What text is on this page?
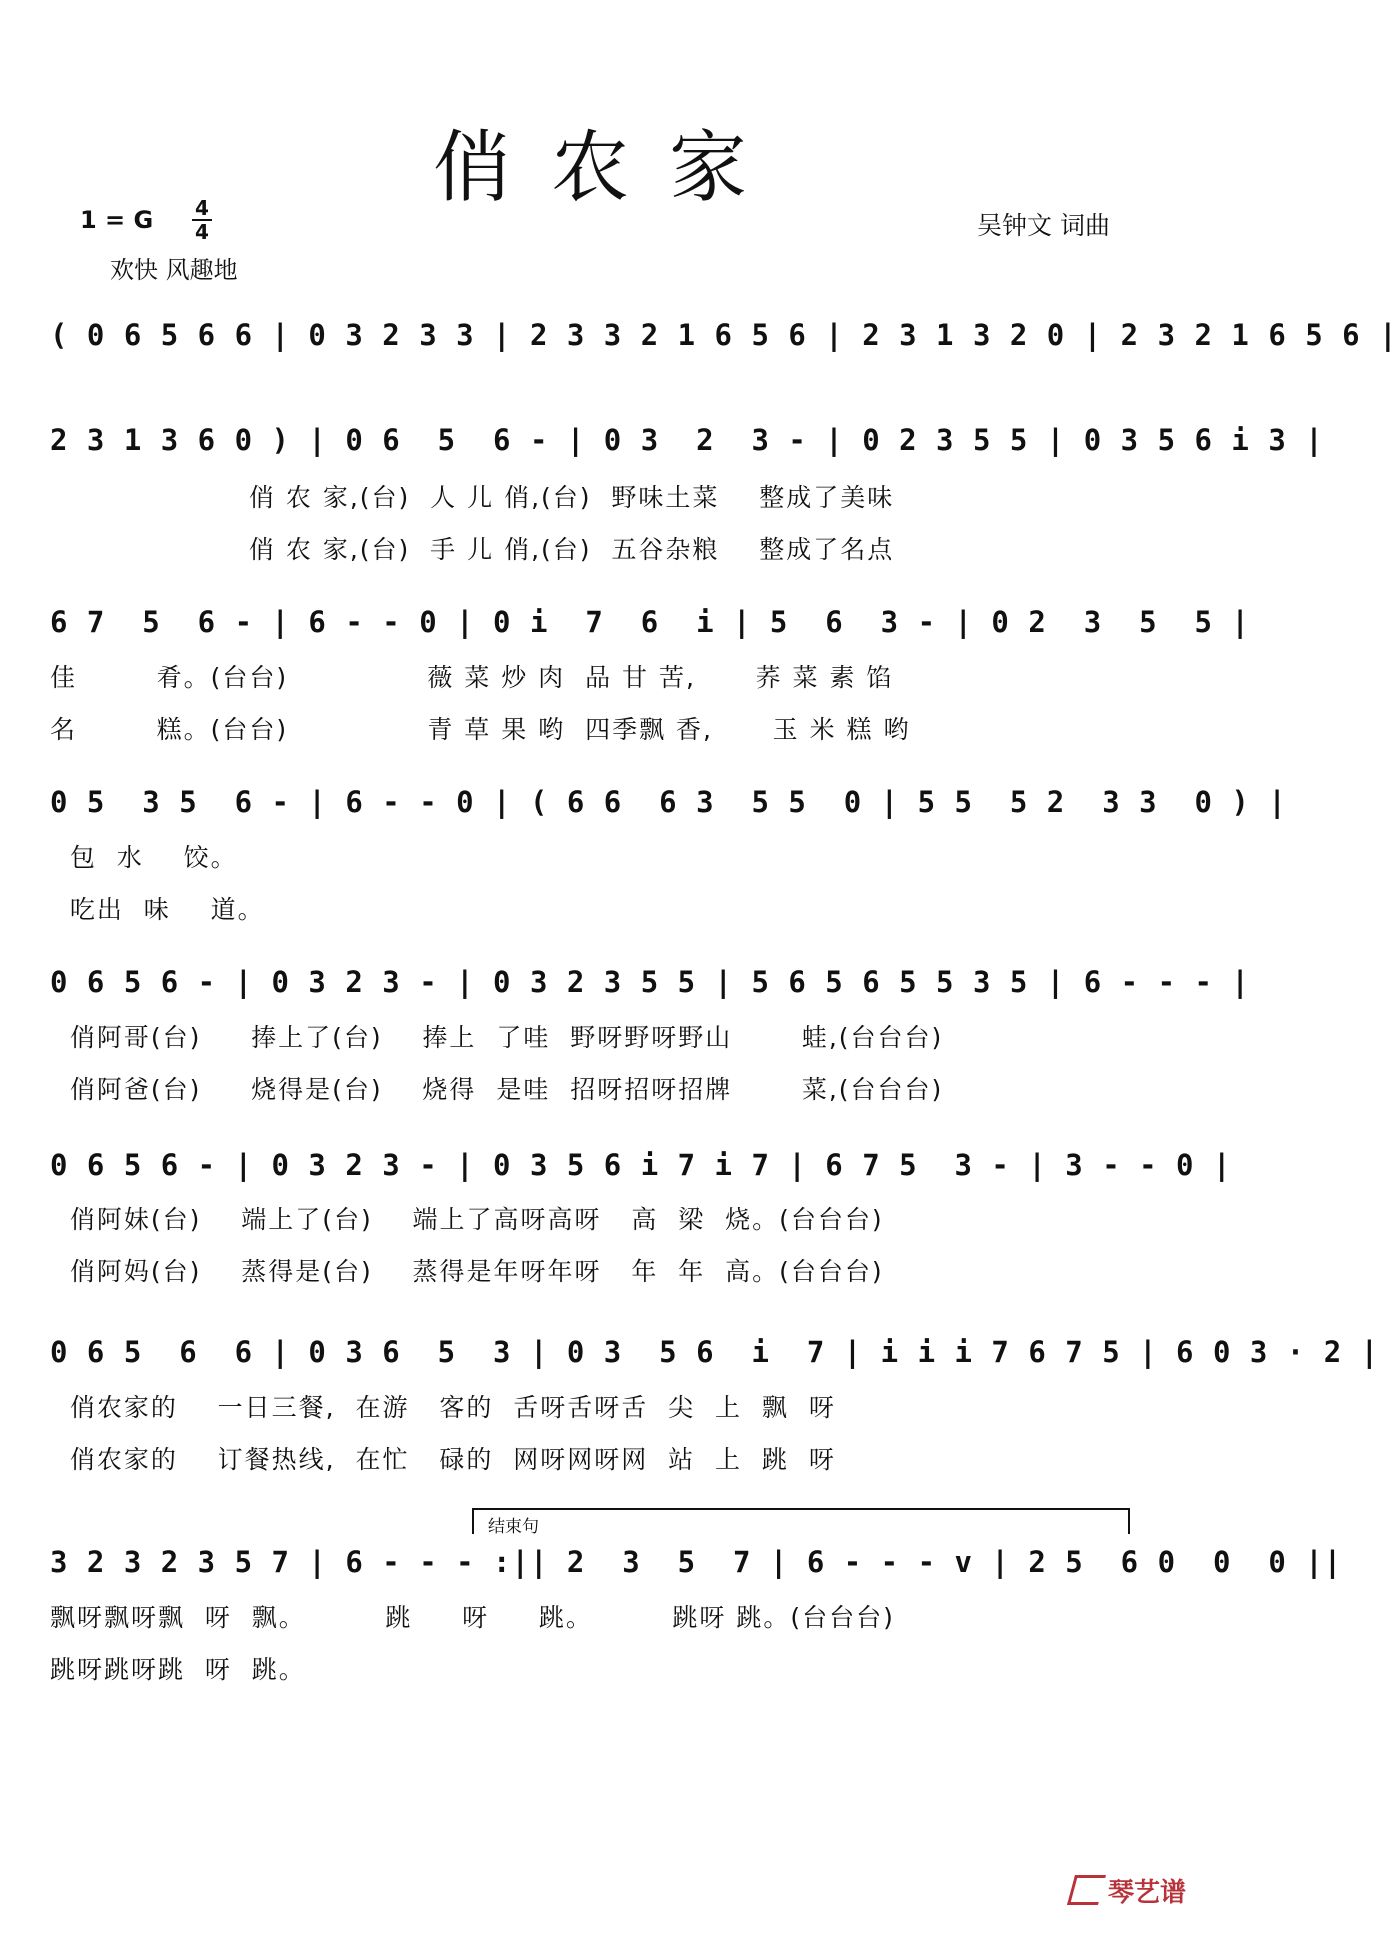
俏农家
1 = G 4
4
欢快 风趣地
吴钟文 词曲
( 0 6 5 6 6 | 0 3 2 3 3 | 2 3 3 2 1 6 5 6 | 2 3 1 3 2 0 | 2 3 2 1 6 5 6 |
2 3 1 3 6 0 ) | 0 6  5  6 - | 0 3  2  3 - | 0 2 3 5 5 | 0 3 5 6 i 3 |
俏 农 家,(台)  人 儿 俏,(台)  野味土菜    整成了美味
俏 农 家,(台)  手 儿 俏,(台)  五谷杂粮    整成了名点
6 7  5  6 - | 6 - - 0 | 0 i  7  6  i | 5  6  3 - | 0 2  3  5  5 |
佳        肴。(台台)              薇 菜 炒 肉  品 甘 苦,      荞 菜 素 馅
名        糕。(台台)              青 草 果 哟  四季飘 香,      玉 米 糕 哟
0 5  3 5  6 - | 6 - - 0 | ( 6 6  6 3  5 5  0 | 5 5  5 2  3 3  0 ) |
包  水    饺。
吃出  味    道。
0 6 5 6 - | 0 3 2 3 - | 0 3 2 3 5 5 | 5 6 5 6 5 5 3 5 | 6 - - - |
俏阿哥(台)     捧上了(台)    捧上  了哇  野呀野呀野山       蛙,(台台台)
俏阿爸(台)     烧得是(台)    烧得  是哇  招呀招呀招牌       菜,(台台台)
0 6 5 6 - | 0 3 2 3 - | 0 3 5 6 i 7 i 7 | 6 7 5  3 - | 3 - - 0 |
俏阿妹(台)    端上了(台)    端上了高呀高呀   高  梁  烧。(台台台)
俏阿妈(台)    蒸得是(台)    蒸得是年呀年呀   年  年  高。(台台台)
0 6 5  6  6 | 0 3 6  5  3 | 0 3  5 6  i  7 | i i i 7 6 7 5 | 6 0 3 · 2 |
俏农家的    一日三餐,  在游   客的  舌呀舌呀舌  尖  上  飘  呀
俏农家的    订餐热线,  在忙   碌的  网呀网呀网  站  上  跳  呀
结束句
3 2 3 2 3 5 7 | 6 - - - :|| 2  3  5  7 | 6 - - - v | 2 5  6 0  0  0 ||
飘呀飘呀飘  呀  飘。        跳     呀     跳。        跳呀 跳。(台台台)
跳呀跳呀跳  呀  跳。
琴艺谱
